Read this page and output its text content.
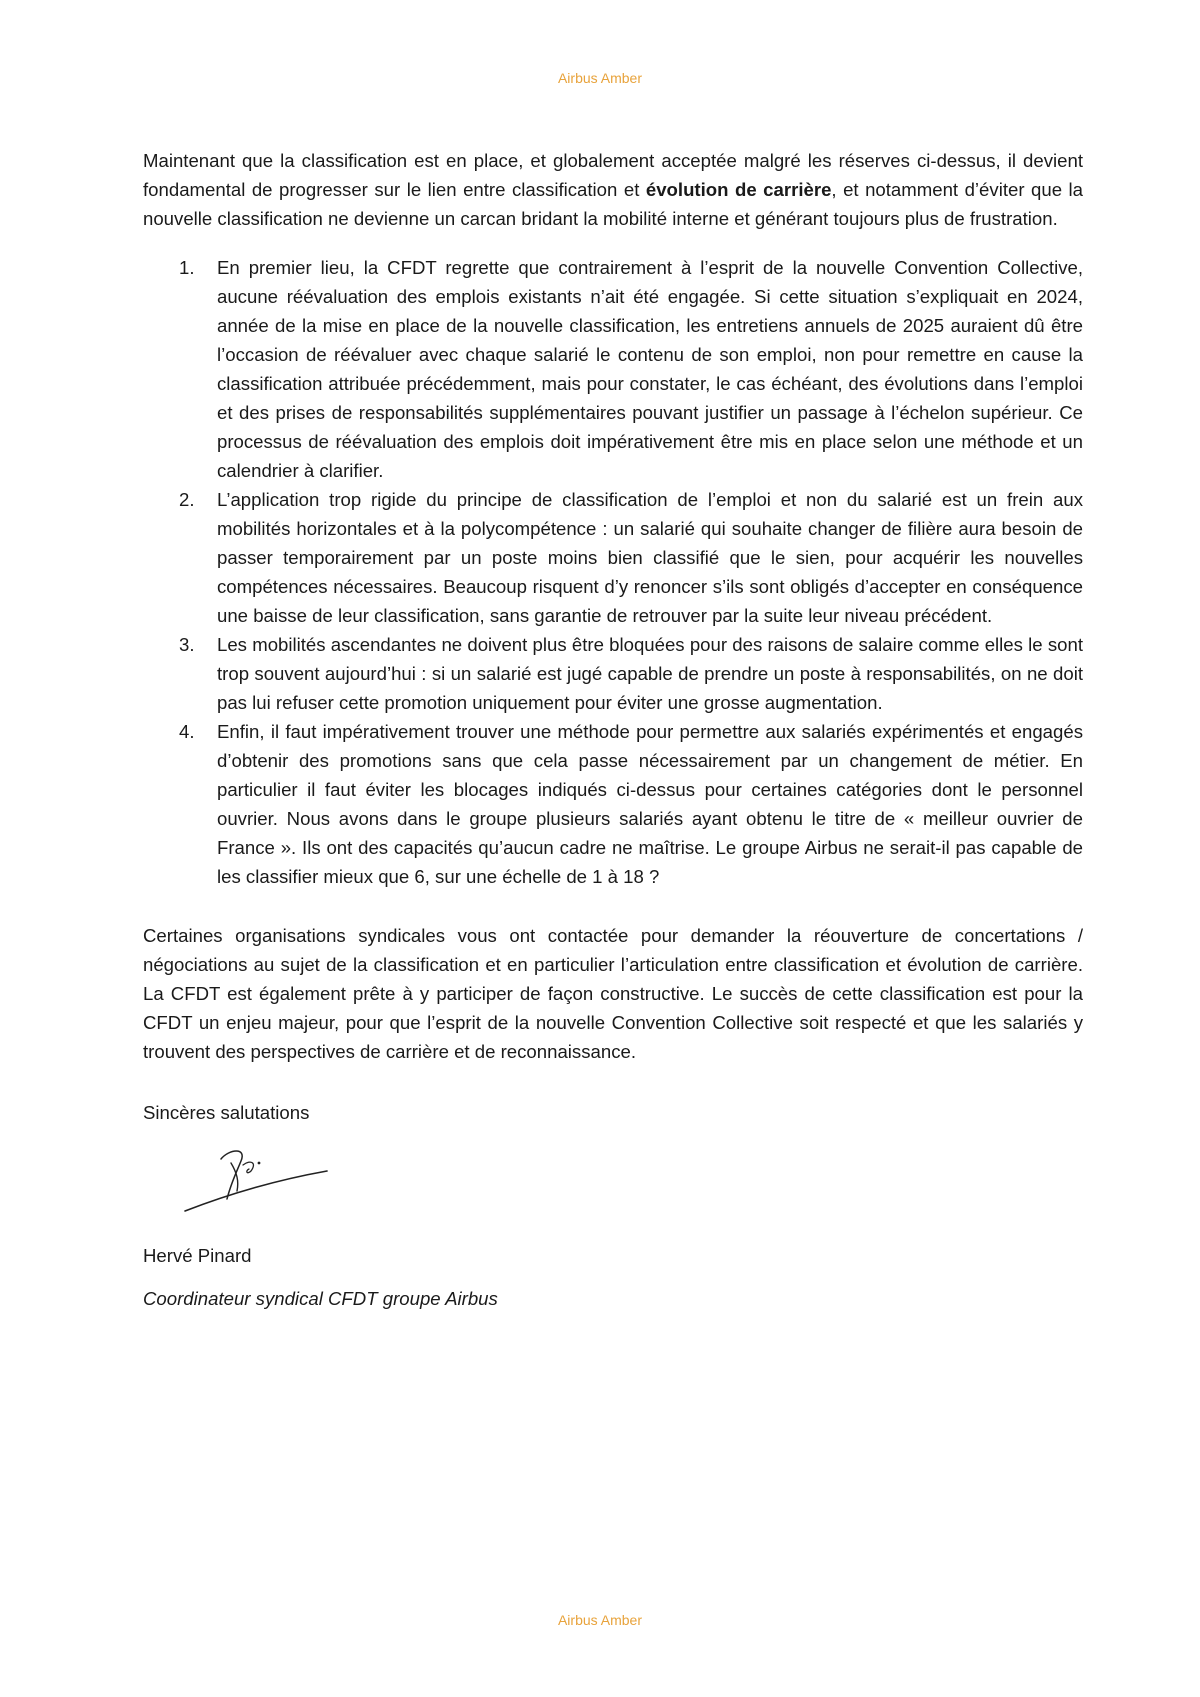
Airbus Amber

Maintenant que la classification est en place, et globalement acceptée malgré les réserves ci-dessus, il devient fondamental de progresser sur le lien entre classification et évolution de carrière, et notamment d’éviter que la nouvelle classification ne devienne un carcan bridant la mobilité interne et générant toujours plus de frustration.

1. En premier lieu, la CFDT regrette que contrairement à l’esprit de la nouvelle Convention Collective, aucune réévaluation des emplois existants n’ait été engagée. Si cette situation s’expliquait en 2024, année de la mise en place de la nouvelle classification, les entretiens annuels de 2025 auraient dû être l’occasion de réévaluer avec chaque salarié le contenu de son emploi, non pour remettre en cause la classification attribuée précédemment, mais pour constater, le cas échéant, des évolutions dans l’emploi et des prises de responsabilités supplémentaires pouvant justifier un passage à l’échelon supérieur. Ce processus de réévaluation des emplois doit impérativement être mis en place selon une méthode et un calendrier à clarifier.
2. L’application trop rigide du principe de classification de l’emploi et non du salarié est un frein aux mobilités horizontales et à la polycompétence : un salarié qui souhaite changer de filière aura besoin de passer temporairement par un poste moins bien classifié que le sien, pour acquérir les nouvelles compétences nécessaires. Beaucoup risquent d’y renoncer s’ils sont obligés d’accepter en conséquence une baisse de leur classification, sans garantie de retrouver par la suite leur niveau précédent.
3. Les mobilités ascendantes ne doivent plus être bloquées pour des raisons de salaire comme elles le sont trop souvent aujourd’hui : si un salarié est jugé capable de prendre un poste à responsabilités, on ne doit pas lui refuser cette promotion uniquement pour éviter une grosse augmentation.
4. Enfin, il faut impérativement trouver une méthode pour permettre aux salariés expérimentés et engagés d’obtenir des promotions sans que cela passe nécessairement par un changement de métier. En particulier il faut éviter les blocages indiqués ci-dessus pour certaines catégories dont le personnel ouvrier. Nous avons dans le groupe plusieurs salariés ayant obtenu le titre de « meilleur ouvrier de France ». Ils ont des capacités qu’aucun cadre ne maîtrise. Le groupe Airbus ne serait-il pas capable de les classifier mieux que 6, sur une échelle de 1 à 18 ?

Certaines organisations syndicales vous ont contactée pour demander la réouverture de concertations / négociations au sujet de la classification et en particulier l’articulation entre classification et évolution de carrière. La CFDT est également prête à y participer de façon constructive. Le succès de cette classification est pour la CFDT un enjeu majeur, pour que l’esprit de la nouvelle Convention Collective soit respecté et que les salariés y trouvent des perspectives de carrière et de reconnaissance.

Sincères salutations

Hervé Pinard

Coordinateur syndical CFDT groupe Airbus

Airbus Amber
